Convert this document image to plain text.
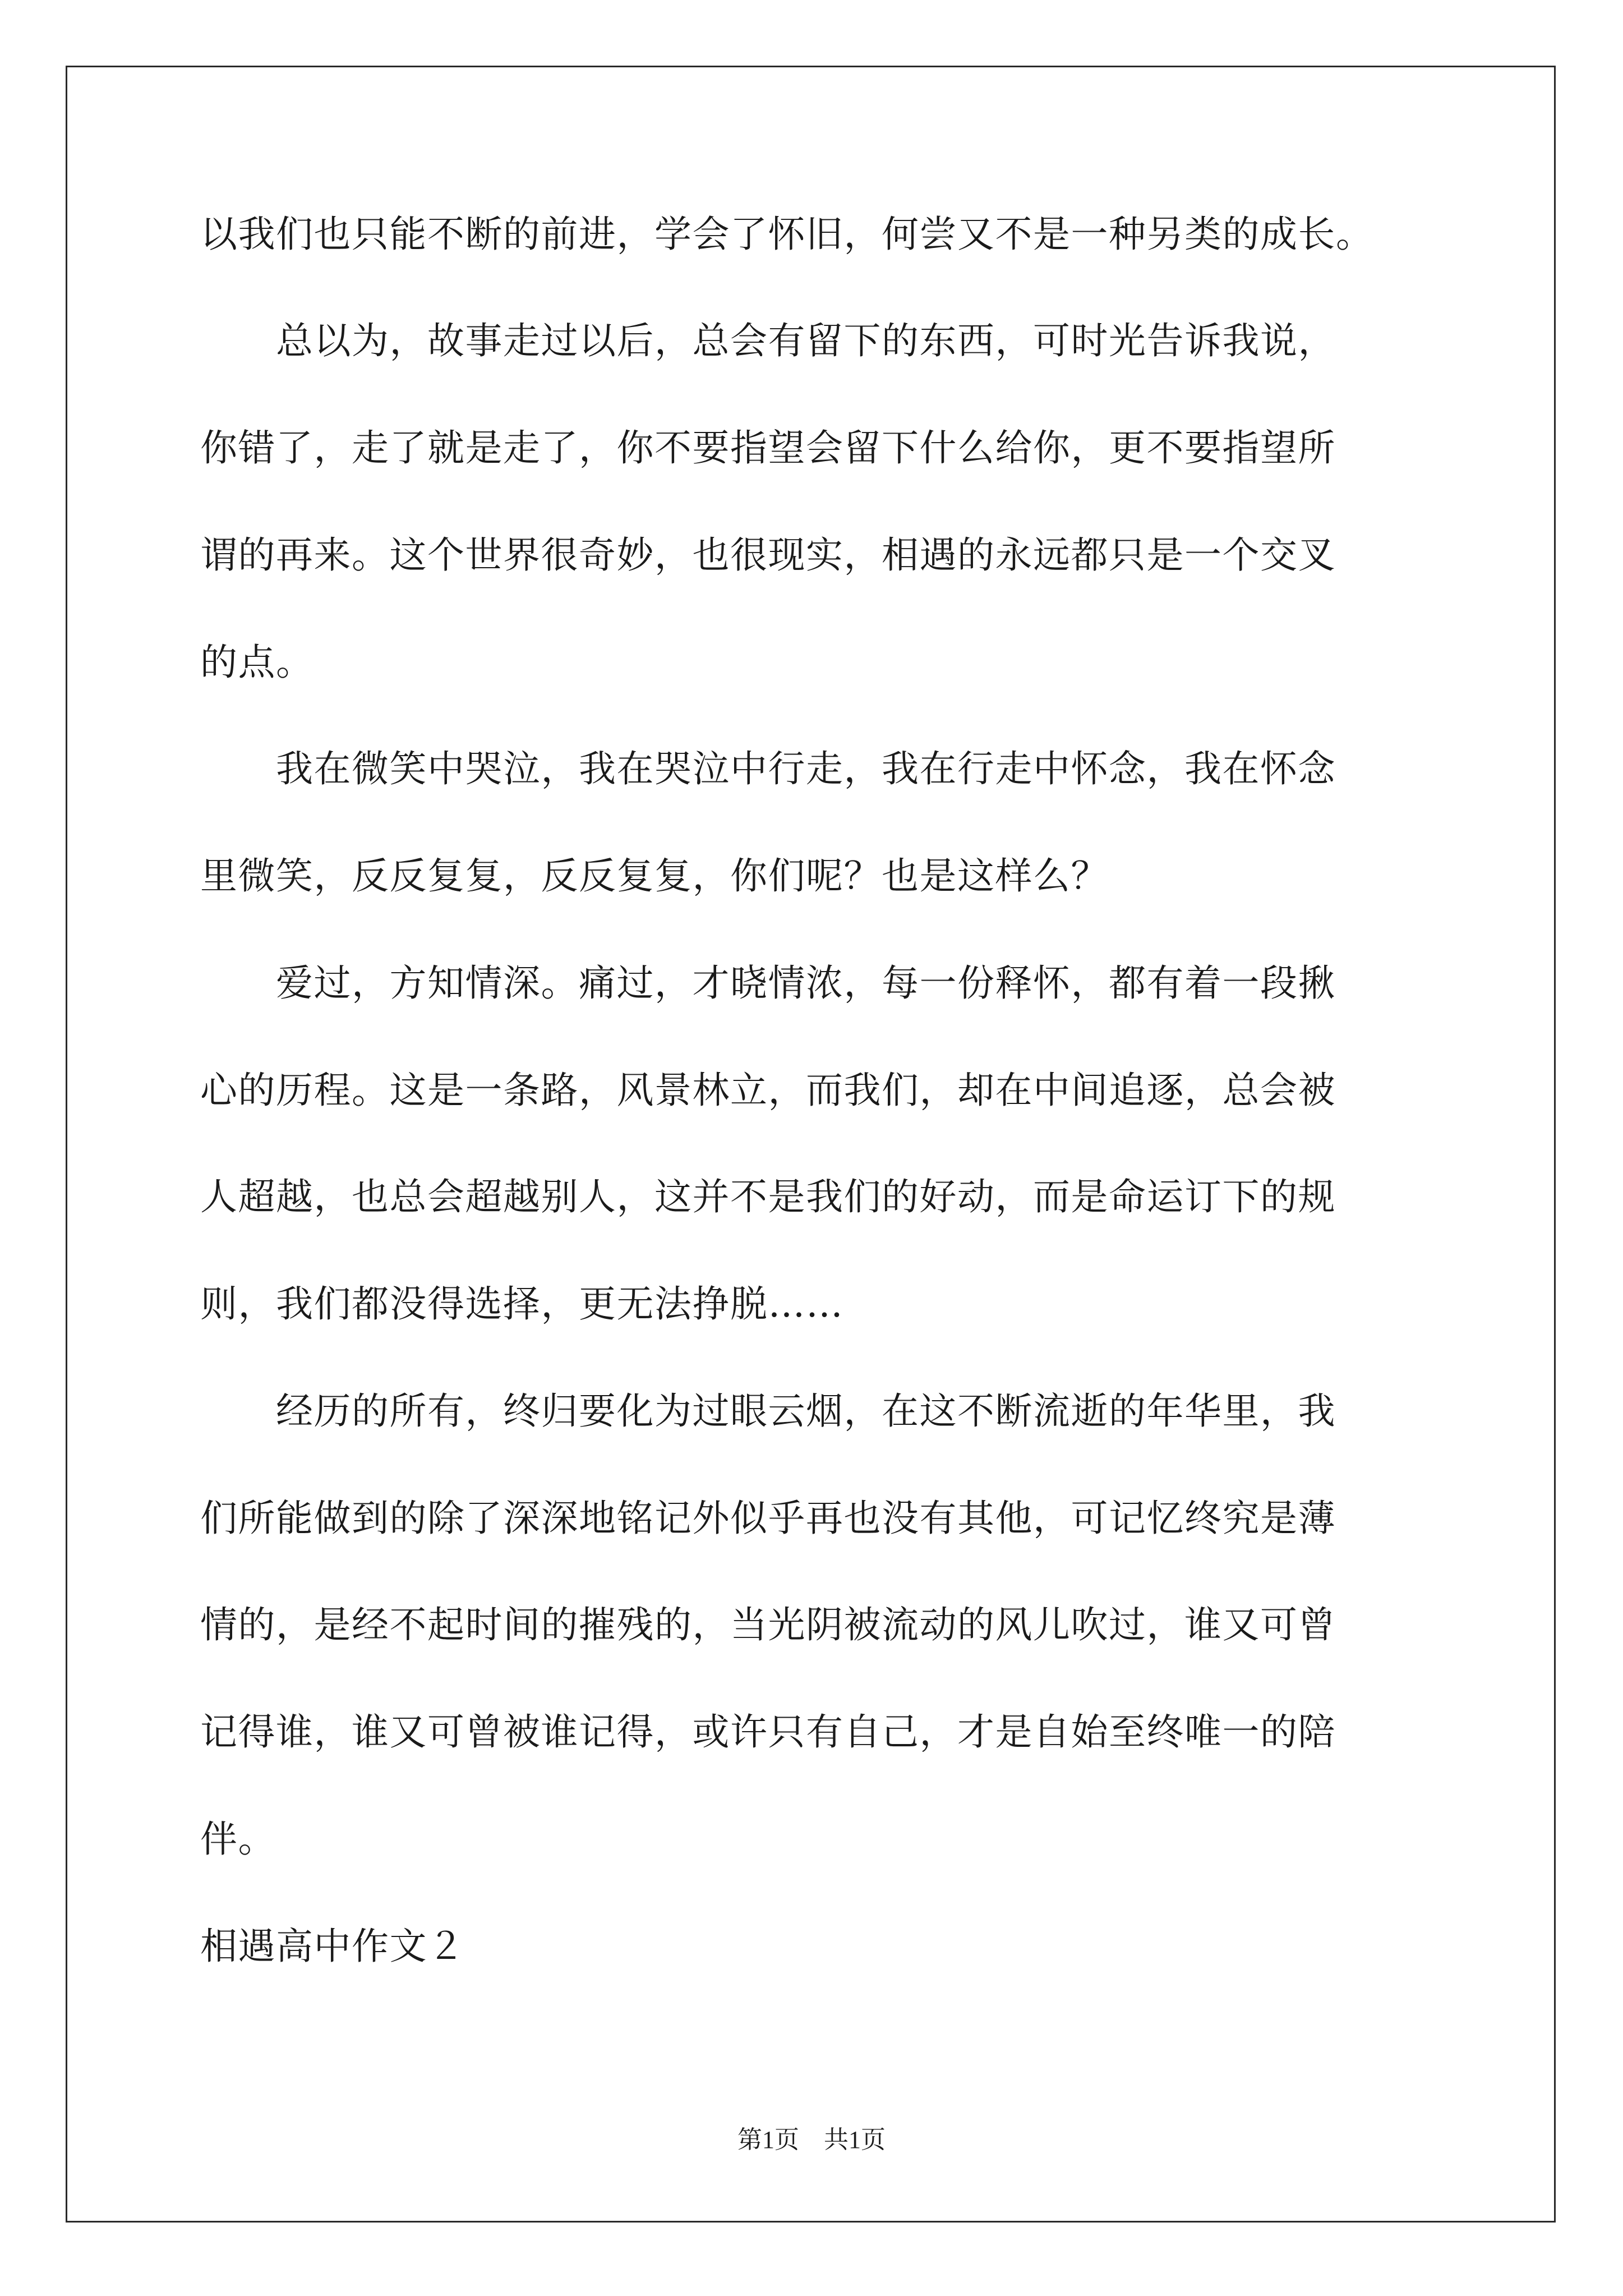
以我们也只能不断的前进，学会了怀旧，何尝又不是一种另类的成长。
　　总以为，故事走过以后，总会有留下的东西，可时光告诉我说，
你错了，走了就是走了，你不要指望会留下什么给你，更不要指望所
谓的再来。这个世界很奇妙，也很现实，相遇的永远都只是一个交叉
的点。
　　我在微笑中哭泣，我在哭泣中行走，我在行走中怀念，我在怀念
里微笑，反反复复，反反复复，你们呢？也是这样么？
　　爱过，方知情深。痛过，才晓情浓，每一份释怀，都有着一段揪
心的历程。这是一条路，风景林立，而我们，却在中间追逐，总会被
人超越，也总会超越别人，这并不是我们的好动，而是命运订下的规
则，我们都没得选择，更无法挣脱……
　　经历的所有，终归要化为过眼云烟，在这不断流逝的年华里，我
们所能做到的除了深深地铭记外似乎再也没有其他，可记忆终究是薄
情的，是经不起时间的摧残的，当光阴被流动的风儿吹过，谁又可曾
记得谁，谁又可曾被谁记得，或许只有自己，才是自始至终唯一的陪
伴。
相遇高中作文２
第1页　共1页
